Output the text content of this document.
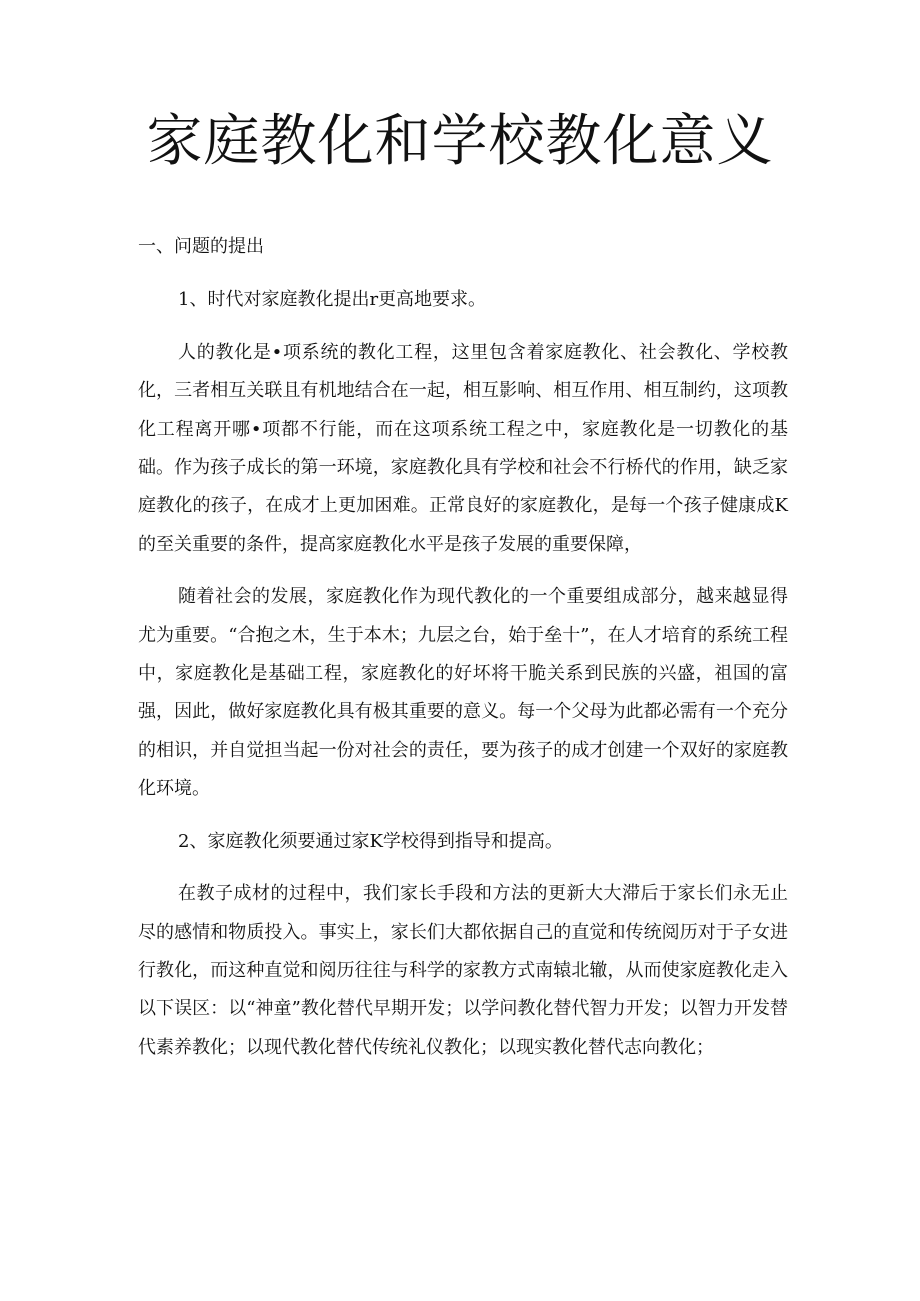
家庭教化和学校教化意义

一、问题的提出

1、时代对家庭教化提出r更高地要求。

人的教化是•项系统的教化工程，这里包含着家庭教化、社会教化、学校教化，三者相互关联且有机地结合在一起，相互影响、相互作用、相互制约，这项教化工程离开哪•项都不行能，而在这项系统工程之中，家庭教化是一切教化的基础。作为孩子成长的第一环境，家庭教化具有学校和社会不行桥代的作用，缺乏家庭教化的孩子，在成才上更加困难。正常良好的家庭教化，是每一个孩子健康成K的至关重要的条件，提高家庭教化水平是孩子发展的重要保障，

随着社会的发展，家庭教化作为现代教化的一个重要组成部分，越来越显得尤为重要。“合抱之木，生于本木；九层之台，始于垒十”，在人才培育的系统工程中，家庭教化是基础工程，家庭教化的好坏将干脆关系到民族的兴盛，祖国的富强，因此，做好家庭教化具有极其重要的意义。每一个父母为此都必需有一个充分的相识，并自觉担当起一份对社会的责任，要为孩子的成才创建一个双好的家庭教化环境。

2、家庭教化须要通过家K学校得到指导和提高。

在教子成材的过程中，我们家长手段和方法的更新大大滞后于家长们永无止尽的感情和物质投入。事实上，家长们大都依据自己的直觉和传统阅历对于子女进行教化，而这种直觉和阅历往往与科学的家教方式南辕北辙，从而使家庭教化走入以下误区：以“神童”教化替代早期开发；以学问教化替代智力开发；以智力开发替代素养教化；以现代教化替代传统礼仪教化；以现实教化替代志向教化；
